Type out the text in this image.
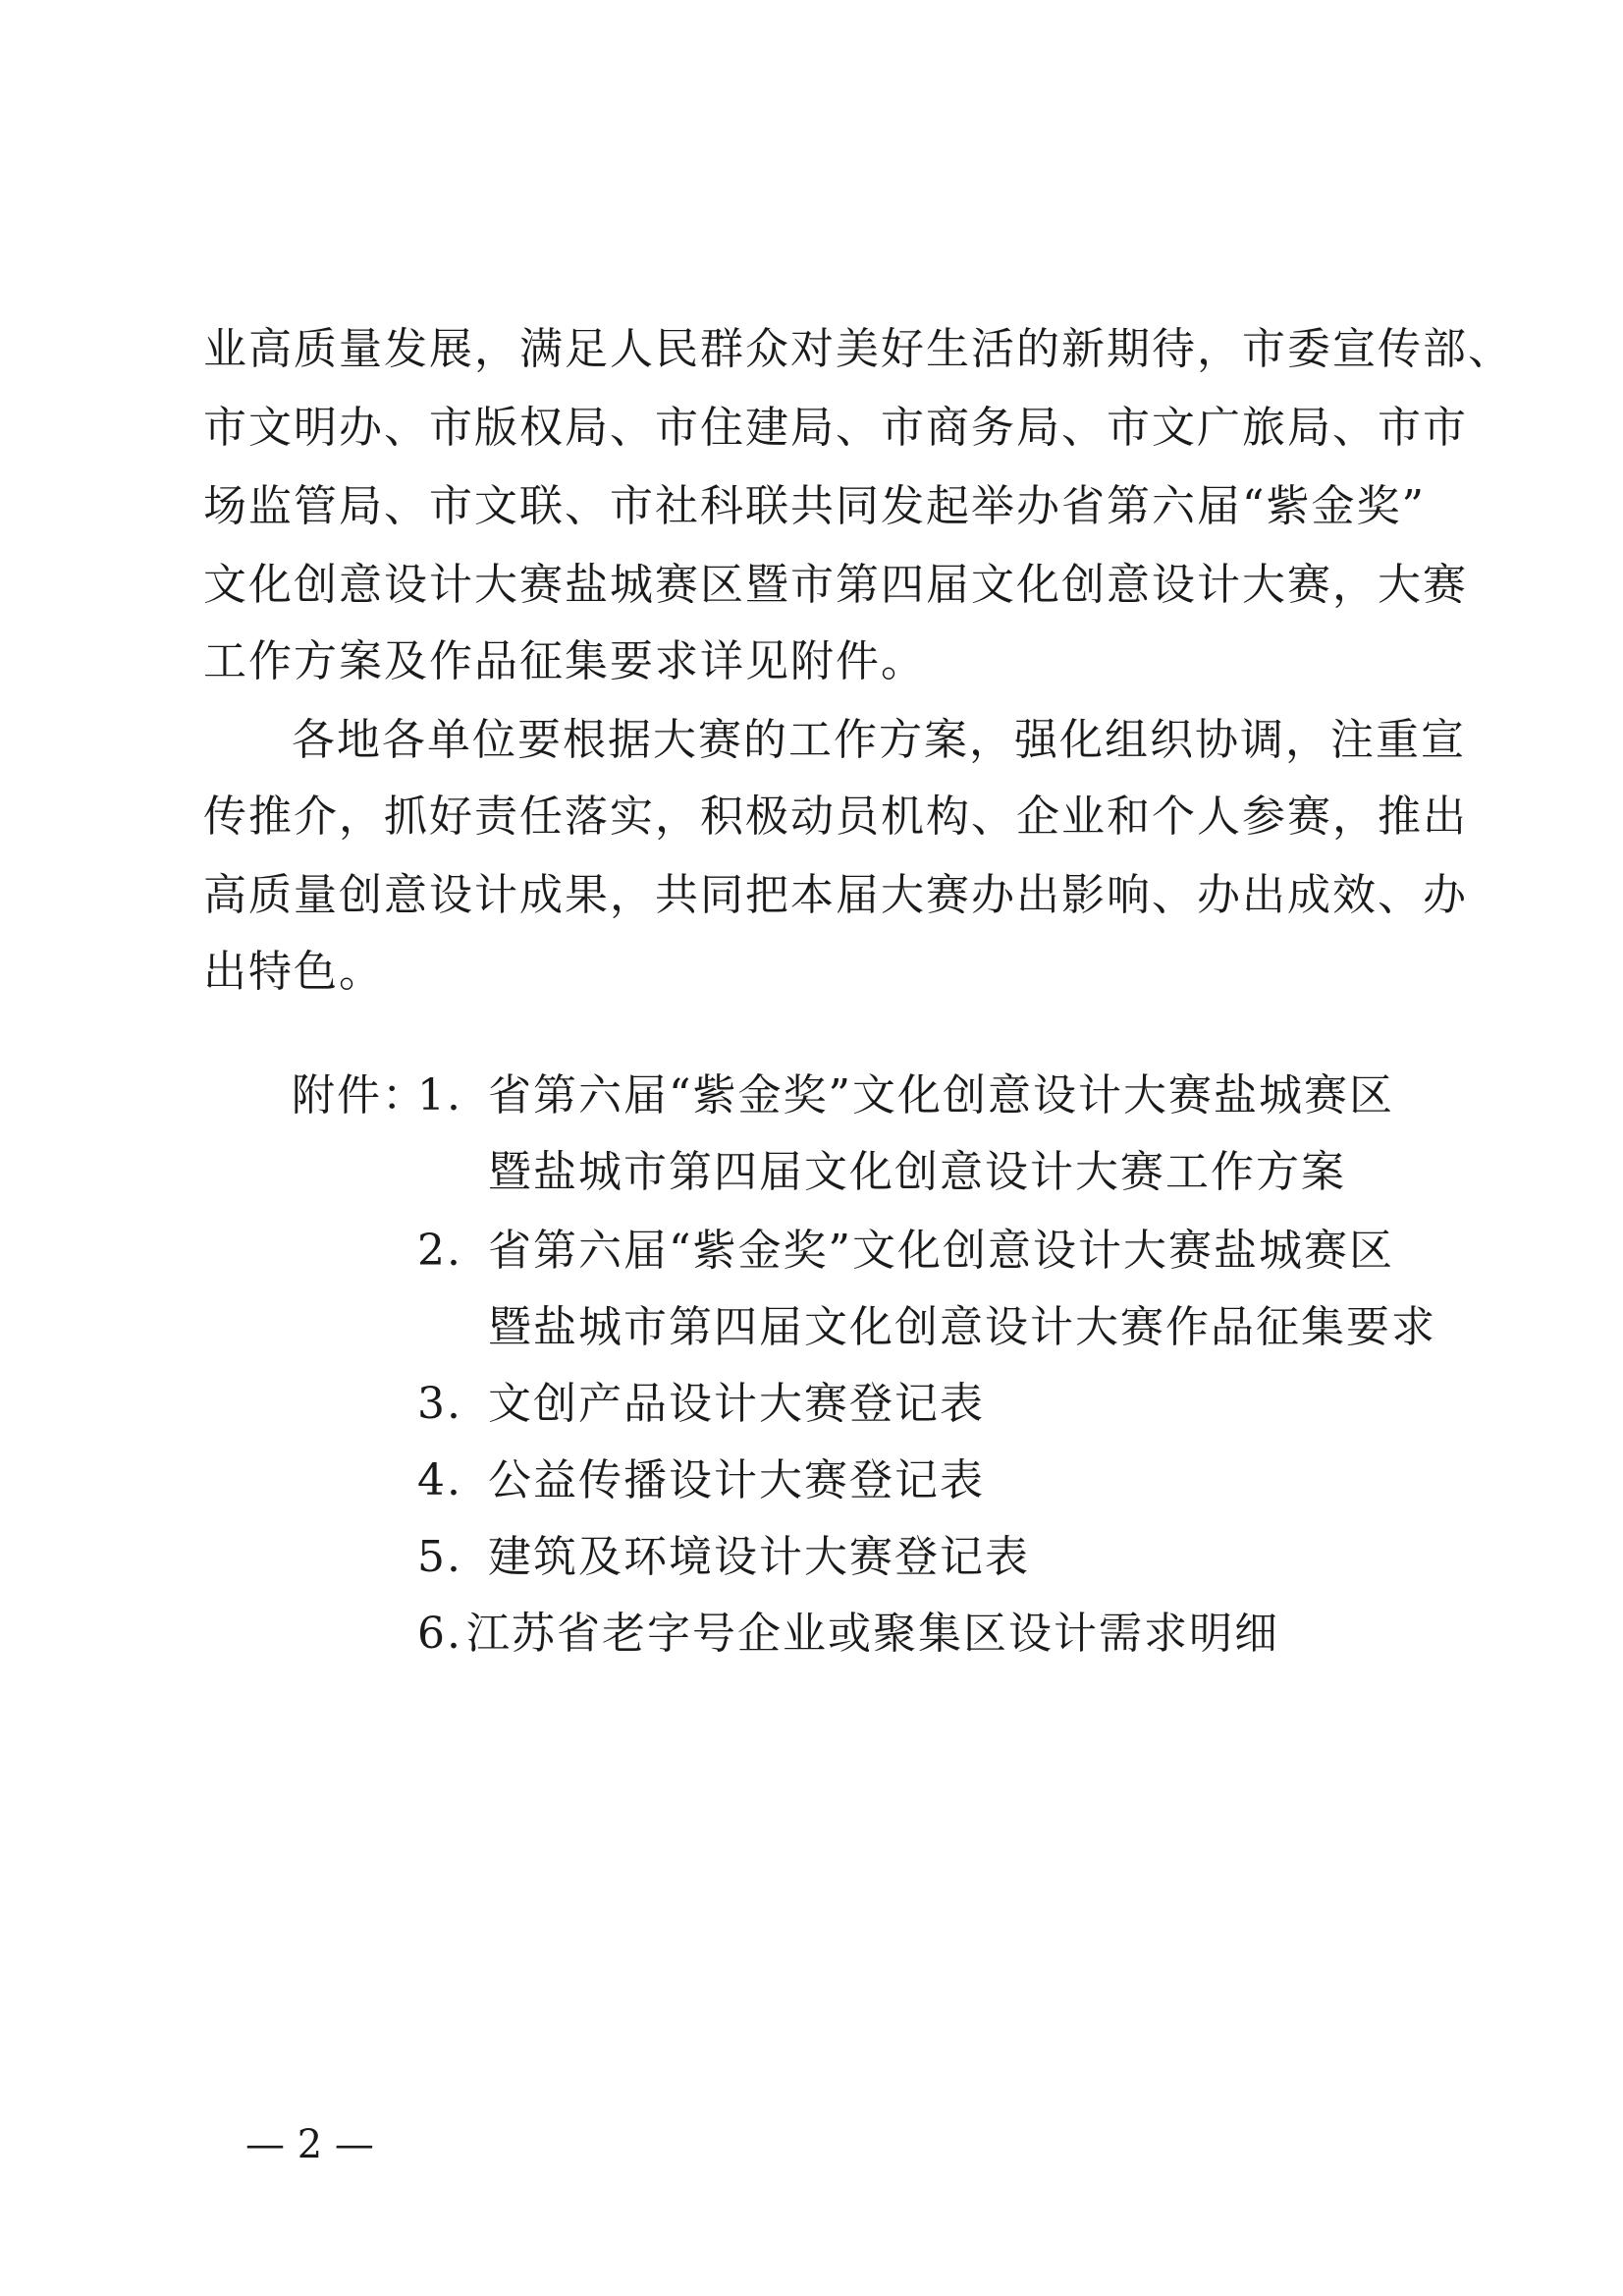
业高质量发展，满足人民群众对美好生活的新期待，市委宣传部、
市文明办、市版权局、市住建局、市商务局、市文广旅局、市市
场监管局、市文联、市社科联共同发起举办省第六届“紫金奖”
文化创意设计大赛盐城赛区暨市第四届文化创意设计大赛，大赛
工作方案及作品征集要求详见附件。
各地各单位要根据大赛的工作方案，强化组织协调，注重宣
传推介，抓好责任落实，积极动员机构、企业和个人参赛，推出
高质量创意设计成果，共同把本届大赛办出影响、办出成效、办
出特色。
附件：
1. 省第六届“紫金奖”文化创意设计大赛盐城赛区
暨盐城市第四届文化创意设计大赛工作方案
2. 省第六届“紫金奖”文化创意设计大赛盐城赛区
暨盐城市第四届文化创意设计大赛作品征集要求
3. 文创产品设计大赛登记表
4. 公益传播设计大赛登记表
5. 建筑及环境设计大赛登记表
6.江苏省老字号企业或聚集区设计需求明细
— 2 —
